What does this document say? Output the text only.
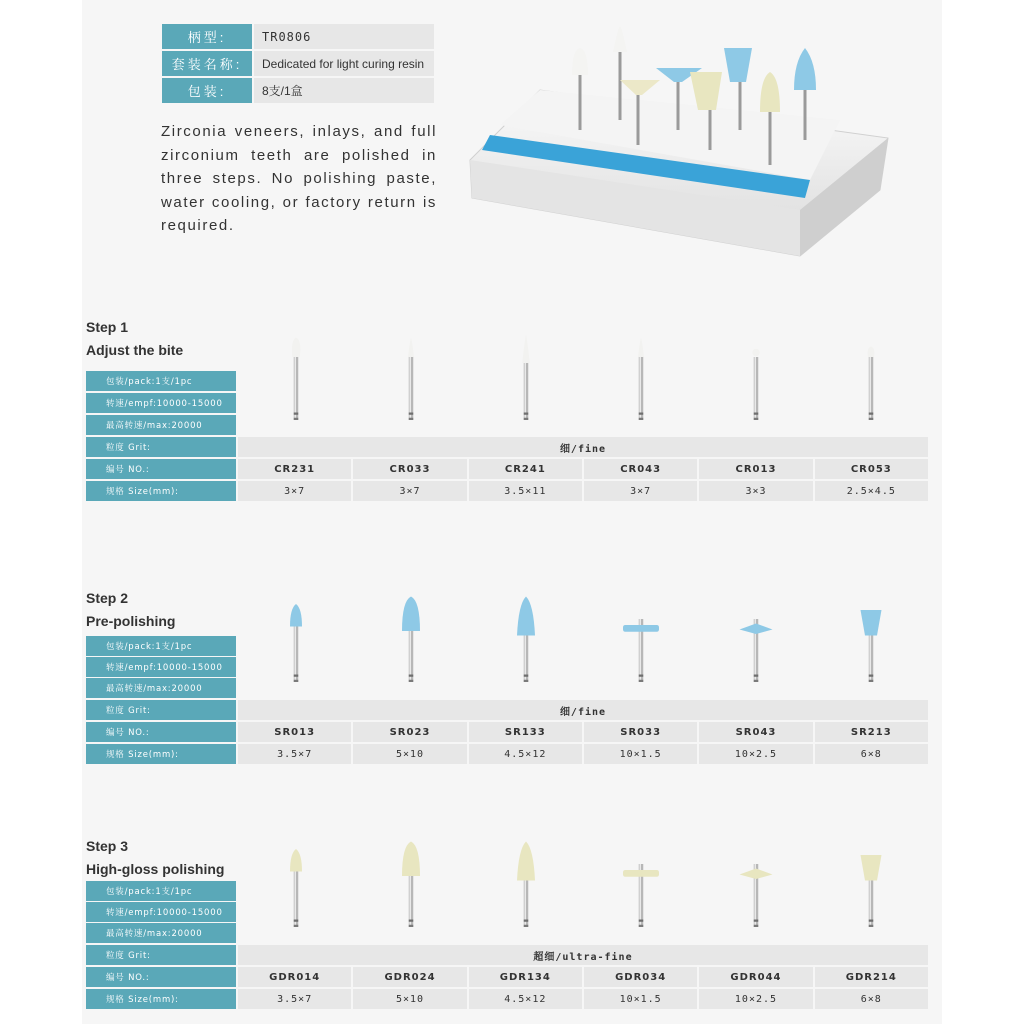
柄型:	TR0806
套装名称:	Dedicated for light curing resin
包装:	8支/1盒
Zirconia veneers, inlays, and full zirconium teeth are polished in three steps. No polishing paste, water cooling, or factory return is required.
Step 1
Adjust the bite
包装/pack:1支/1pc
转速/empf:10000-15000
最高转速/max:20000
粒度 Grit:	细/fine
编号 NO.:	CR231	CR033	CR241	CR043	CR013	CR053
规格 Size(mm):	3×7	3×7	3.5×11	3×7	3×3	2.5×4.5
Step 2
Pre-polishing
包装/pack:1支/1pc
转速/empf:10000-15000
最高转速/max:20000
粒度 Grit:	细/fine
编号 NO.:	SR013	SR023	SR133	SR033	SR043	SR213
规格 Size(mm):	3.5×7	5×10	4.5×12	10×1.5	10×2.5	6×8
Step 3
High-gloss polishing
包装/pack:1支/1pc
转速/empf:10000-15000
最高转速/max:20000
粒度 Grit:	超细/ultra-fine
编号 NO.:	GDR014	GDR024	GDR134	GDR034	GDR044	GDR214
规格 Size(mm):	3.5×7	5×10	4.5×12	10×1.5	10×2.5	6×8
